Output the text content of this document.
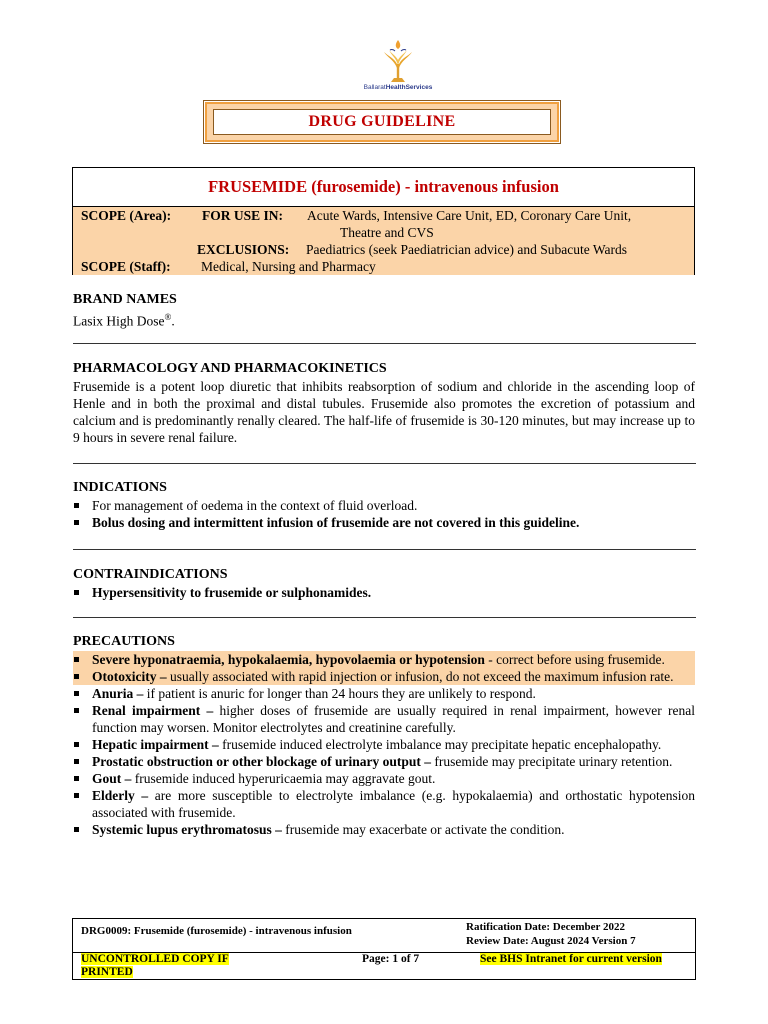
BallaratHealthServices
DRUG GUIDELINE
FRUSEMIDE (furosemide) - intravenous infusion
SCOPE (Area): FOR USE IN: Acute Wards, Intensive Care Unit, ED, Coronary Care Unit,
Theatre and CVS
EXCLUSIONS: Paediatrics (seek Paediatrician advice) and Subacute Wards
SCOPE (Staff): Medical, Nursing and Pharmacy
BRAND NAMES
Lasix High Dose®.
PHARMACOLOGY AND PHARMACOKINETICS
Frusemide is a potent loop diuretic that inhibits reabsorption of sodium and chloride in the ascending loop of Henle and in both the proximal and distal tubules. Frusemide also promotes the excretion of potassium and calcium and is predominantly renally cleared. The half-life of frusemide is 30-120 minutes, but may increase up to 9 hours in severe renal failure.
INDICATIONS
For management of oedema in the context of fluid overload.
Bolus dosing and intermittent infusion of frusemide are not covered in this guideline.
CONTRAINDICATIONS
Hypersensitivity to frusemide or sulphonamides.
PRECAUTIONS
Severe hyponatraemia, hypokalaemia, hypovolaemia or hypotension - correct before using frusemide.
Ototoxicity – usually associated with rapid injection or infusion, do not exceed the maximum infusion rate.
Anuria – if patient is anuric for longer than 24 hours they are unlikely to respond.
Renal impairment – higher doses of frusemide are usually required in renal impairment, however renal function may worsen. Monitor electrolytes and creatinine carefully.
Hepatic impairment – frusemide induced electrolyte imbalance may precipitate hepatic encephalopathy.
Prostatic obstruction or other blockage of urinary output – frusemide may precipitate urinary retention.
Gout – frusemide induced hyperuricaemia may aggravate gout.
Elderly – are more susceptible to electrolyte imbalance (e.g. hypokalaemia) and orthostatic hypotension associated with frusemide.
Systemic lupus erythromatosus – frusemide may exacerbate or activate the condition.
DRG0009: Frusemide (furosemide) - intravenous infusion	Ratification Date: December 2022
Review Date: August 2024 Version 7
UNCONTROLLED COPY IF
PRINTED
Page: 1 of 7	See BHS Intranet for current version
